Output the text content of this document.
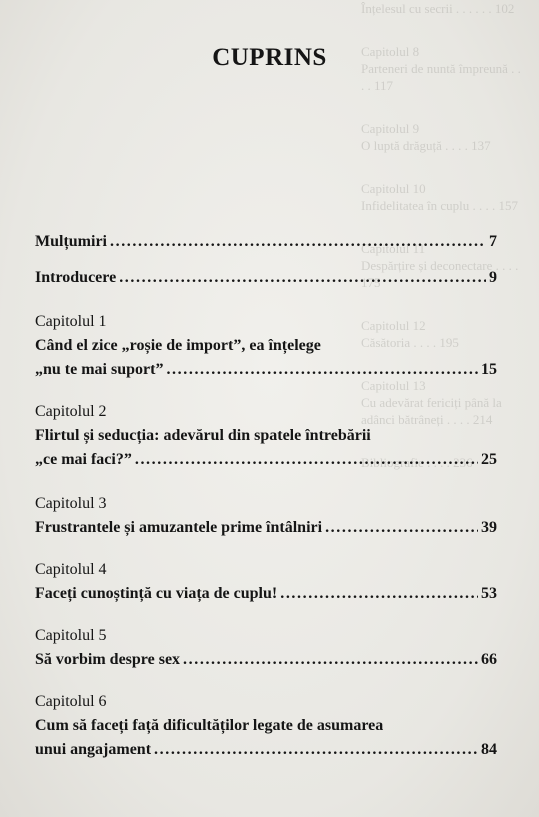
Înțelesul cu secrii . . . . . . 102
Capitolul 8
Parteneri de nuntă împreună . . . . 117
Capitolul 9
O luptă drăguță . . . . 137
Capitolul 10
Infidelitatea în cuplu . . . . 157
Capitolul 11
Despărțire și deconectare . . . . 175
Capitolul 12
Căsătoria . . . . 195
Capitolul 13
Cu adevărat fericiți până la adânci bătrâneți . . . . 214
Bibliografie . . . . 236
CUPRINS
Mulțumiri . . .	7
Introducere . . .	9
Capitolul 1
Când el zice „roșie de import”, ea înțelege
„nu te mai suport” . . .	15
Capitolul 2
Flirtul și seducția: adevărul din spatele întrebării
„ce mai faci?” . . .	25
Capitolul 3
Frustrantele și amuzantele prime întâlniri . . .	39
Capitolul 4
Faceți cunoștință cu viața de cuplu! . . .	53
Capitolul 5
Să vorbim despre sex . . .	66
Capitolul 6
Cum să faceți față dificultăților legate de asumarea
unui angajament . . .	84
